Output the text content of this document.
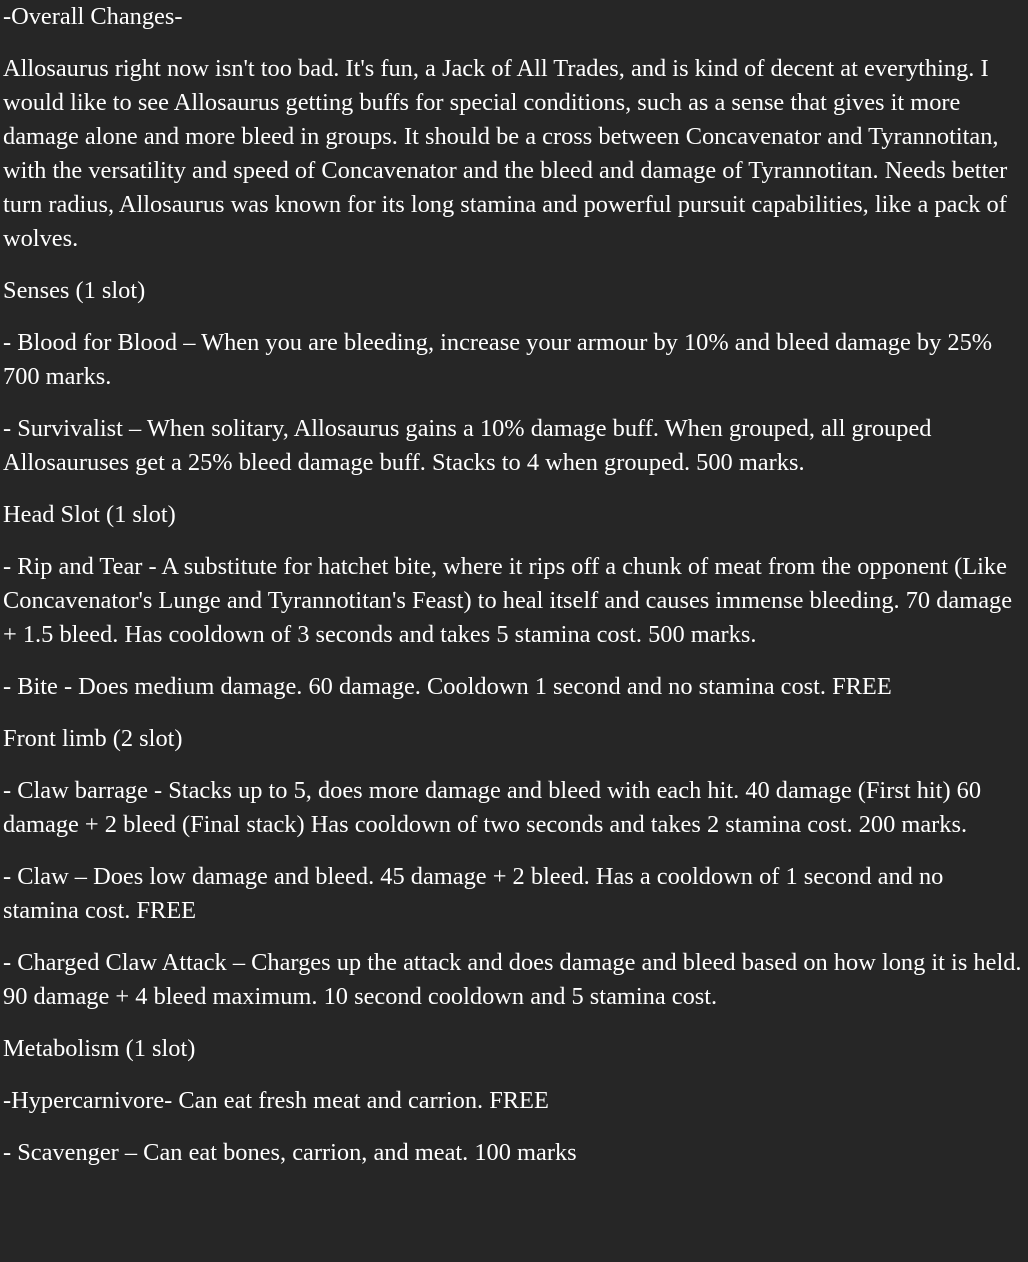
-Overall Changes-
Allosaurus right now isn't too bad. It's fun, a Jack of All Trades, and is kind of decent at everything. I would like to see Allosaurus getting buffs for special conditions, such as a sense that gives it more damage alone and more bleed in groups. It should be a cross between Concavenator and Tyrannotitan, with the versatility and speed of Concavenator and the bleed and damage of Tyrannotitan. Needs better turn radius, Allosaurus was known for its long stamina and powerful pursuit capabilities, like a pack of wolves.
Senses (1 slot)
- Blood for Blood – When you are bleeding, increase your armour by 10% and bleed damage by 25% 700 marks.
- Survivalist – When solitary, Allosaurus gains a 10% damage buff. When grouped, all grouped Allosauruses get a 25% bleed damage buff. Stacks to 4 when grouped. 500 marks.
Head Slot (1 slot)
- Rip and Tear - A substitute for hatchet bite, where it rips off a chunk of meat from the opponent (Like Concavenator's Lunge and Tyrannotitan's Feast) to heal itself and causes immense bleeding. 70 damage + 1.5 bleed. Has cooldown of 3 seconds and takes 5 stamina cost. 500 marks.
- Bite - Does medium damage. 60 damage. Cooldown 1 second and no stamina cost. FREE
Front limb (2 slot)
- Claw barrage - Stacks up to 5, does more damage and bleed with each hit. 40 damage (First hit) 60 damage + 2 bleed (Final stack) Has cooldown of two seconds and takes 2 stamina cost. 200 marks.
- Claw – Does low damage and bleed. 45 damage + 2 bleed. Has a cooldown of 1 second and no stamina cost. FREE
- Charged Claw Attack – Charges up the attack and does damage and bleed based on how long it is held. 90 damage + 4 bleed maximum. 10 second cooldown and 5 stamina cost.
Metabolism (1 slot)
-Hypercarnivore- Can eat fresh meat and carrion. FREE
- Scavenger – Can eat bones, carrion, and meat. 100 marks
